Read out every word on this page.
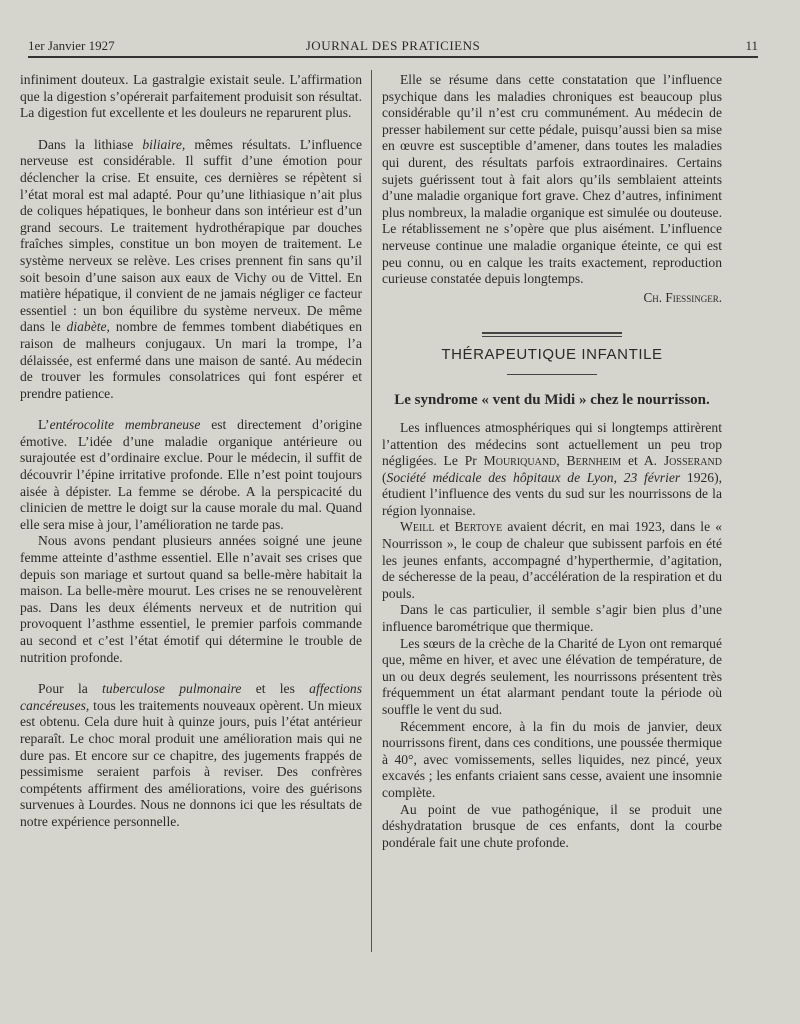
1er Janvier 1927	JOURNAL DES PRATICIENS	11

infiniment douteux. La gastralgie existait seule. L’affirmation que la digestion s’opérerait parfaitement produisit son résultat. La digestion fut excellente et les douleurs ne reparurent plus.

Dans la lithiase biliaire, mêmes résultats. L’influence nerveuse est considérable. Il suffit d’une émotion pour déclencher la crise. Et ensuite, ces dernières se répètent si l’état moral est mal adapté. Pour qu’une lithiasique n’ait plus de coliques hépatiques, le bonheur dans son intérieur est d’un grand secours. Le traitement hydrothérapique par douches fraîches simples, constitue un bon moyen de traitement. Le système nerveux se relève. Les crises prennent fin sans qu’il soit besoin d’une saison aux eaux de Vichy ou de Vittel. En matière hépatique, il convient de ne jamais négliger ce facteur essentiel : un bon équilibre du système nerveux. De même dans le diabète, nombre de femmes tombent diabétiques en raison de malheurs conjugaux. Un mari la trompe, l’a délaissée, est enfermé dans une maison de santé. Au médecin de trouver les formules consolatrices qui font espérer et prendre patience.

L’entérocolite membraneuse est directement d’origine émotive. L’idée d’une maladie organique antérieure ou surajoutée est d’ordinaire exclue. Pour le médecin, il suffit de découvrir l’épine irritative profonde. Elle n’est point toujours aisée à dépister. La femme se dérobe. A la perspicacité du clinicien de mettre le doigt sur la cause morale du mal. Quand elle sera mise à jour, l’amélioration ne tarde pas.

Nous avons pendant plusieurs années soigné une jeune femme atteinte d’asthme essentiel. Elle n’avait ses crises que depuis son mariage et surtout quand sa belle-mère habitait la maison. La belle-mère mourut. Les crises ne se renouvelèrent pas. Dans les deux éléments nerveux et de nutrition qui provoquent l’asthme essentiel, le premier parfois commande au second et c’est l’état émotif qui détermine le trouble de nutrition profonde.

Pour la tuberculose pulmonaire et les affections cancéreuses, tous les traitements nouveaux opèrent. Un mieux est obtenu. Cela dure huit à quinze jours, puis l’état antérieur reparaît. Le choc moral produit une amélioration mais qui ne dure pas. Et encore sur ce chapitre, des jugements frappés de pessimisme seraient parfois à reviser. Des confrères compétents affirment des améliorations, voire des guérisons survenues à Lourdes. Nous ne donnons ici que les résultats de notre expérience personnelle.

Elle se résume dans cette constatation que l’influence psychique dans les maladies chroniques est beaucoup plus considérable qu’il n’est cru communément. Au médecin de presser habilement sur cette pédale, puisqu’aussi bien sa mise en œuvre est susceptible d’amener, dans toutes les maladies qui durent, des résultats parfois extraordinaires. Certains sujets guérissent tout à fait alors qu’ils semblaient atteints d’une maladie organique fort grave. Chez d’autres, infiniment plus nombreux, la maladie organique est simulée ou douteuse. Le rétablissement ne s’opère que plus aisément. L’influence nerveuse continue une maladie organique éteinte, ce qui est peu connu, ou en calque les traits exactement, reproduction curieuse constatée depuis longtemps.

Ch. Fiessinger.
THÉRAPEUTIQUE INFANTILE
Le syndrome « vent du Midi » chez le nourrisson.

Les influences atmosphériques qui si longtemps attirèrent l’attention des médecins sont actuellement un peu trop négligées. Le Pr Mouriquand, Bernheim et A. Josserand (Société médicale des hôpitaux de Lyon, 23 février 1926), étudient l’influence des vents du sud sur les nourrissons de la région lyonnaise.

Weill et Bertoye avaient décrit, en mai 1923, dans le « Nourrisson », le coup de chaleur que subissent parfois en été les jeunes enfants, accompagné d’hyperthermie, d’agitation, de sécheresse de la peau, d’accélération de la respiration et du pouls.

Dans le cas particulier, il semble s’agir bien plus d’une influence barométrique que thermique.

Les sœurs de la crèche de la Charité de Lyon ont remarqué que, même en hiver, et avec une élévation de température, de un ou deux degrés seulement, les nourrissons présentent très fréquemment un état alarmant pendant toute la période où souffle le vent du sud.

Récemment encore, à la fin du mois de janvier, deux nourrissons firent, dans ces conditions, une poussée thermique à 40°, avec vomissements, selles liquides, nez pincé, yeux excavés ; les enfants criaient sans cesse, avaient une insomnie complète.

Au point de vue pathogénique, il se produit une déshydratation brusque de ces enfants, dont la courbe pondérale fait une chute profonde.
